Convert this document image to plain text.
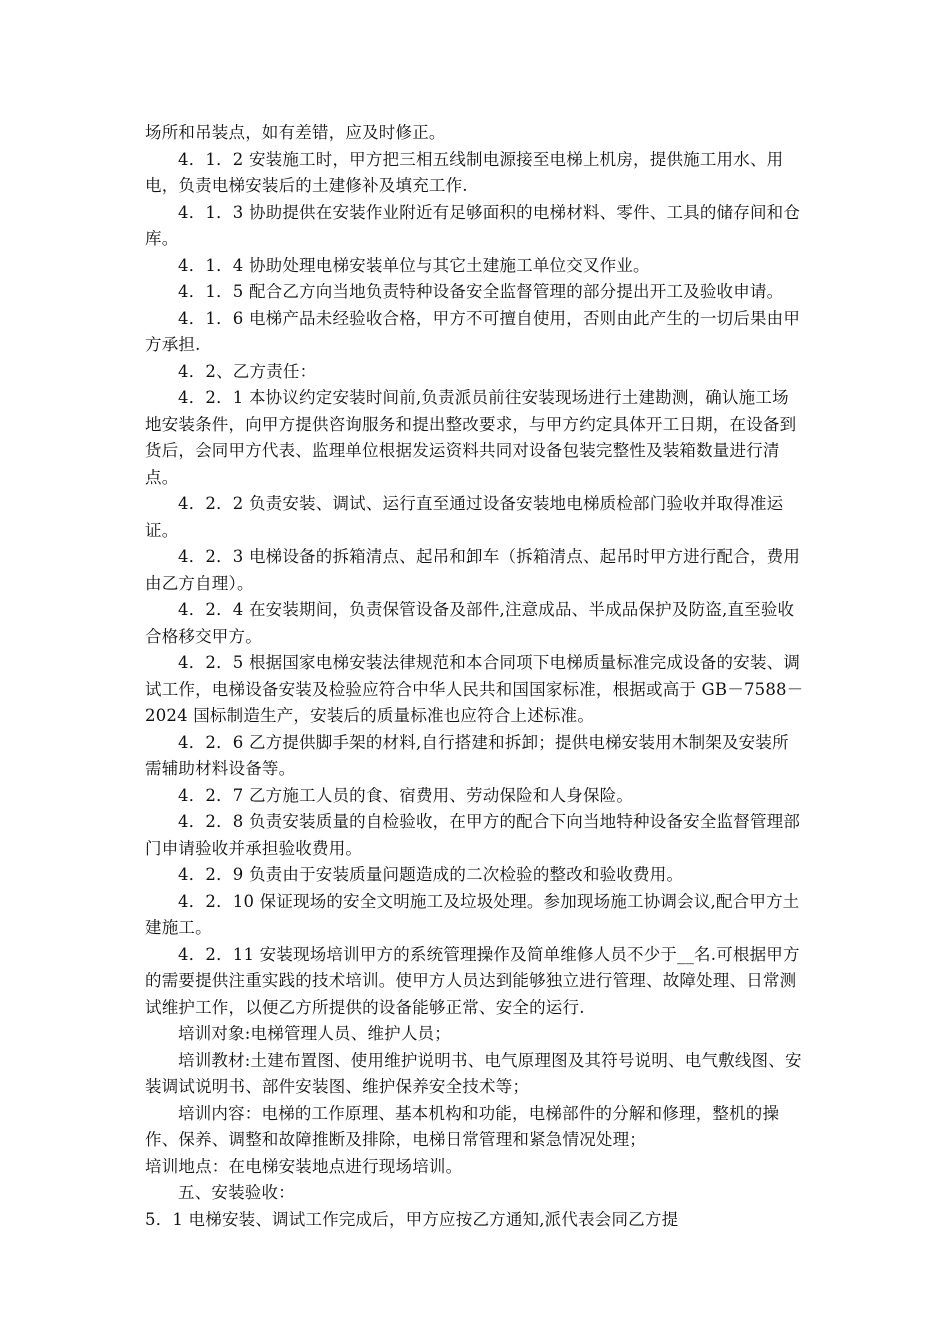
场所和吊装点，如有差错，应及时修正。

4．1．2 安装施工时，甲方把三相五线制电源接至电梯上机房，提供施工用水、用电，负责电梯安装后的土建修补及填充工作.

4．1．3 协助提供在安装作业附近有足够面积的电梯材料、零件、工具的储存间和仓库。

4．1．4 协助处理电梯安装单位与其它土建施工单位交叉作业。

4．1．5 配合乙方向当地负责特种设备安全监督管理的部分提出开工及验收申请。

4．1．6 电梯产品未经验收合格，甲方不可擅自使用，否则由此产生的一切后果由甲方承担.

4．2、乙方责任：

4．2．1 本协议约定安装时间前,负责派员前往安装现场进行土建勘测，确认施工场地安装条件，向甲方提供咨询服务和提出整改要求，与甲方约定具体开工日期，在设备到货后，会同甲方代表、监理单位根据发运资料共同对设备包装完整性及装箱数量进行清点。

4．2．2 负责安装、调试、运行直至通过设备安装地电梯质检部门验收并取得准运证。

4．2．3 电梯设备的拆箱清点、起吊和卸车（拆箱清点、起吊时甲方进行配合，费用由乙方自理）。

4．2．4 在安装期间，负责保管设备及部件,注意成品、半成品保护及防盗,直至验收合格移交甲方。

4．2．5 根据国家电梯安装法律规范和本合同项下电梯质量标准完成设备的安装、调试工作，电梯设备安装及检验应符合中华人民共和国国家标准，根据或高于 GB－7588－2024 国标制造生产，安装后的质量标准也应符合上述标准。

4．2．6 乙方提供脚手架的材料,自行搭建和拆卸；提供电梯安装用木制架及安装所需辅助材料设备等。

4．2．7 乙方施工人员的食、宿费用、劳动保险和人身保险。

4．2．8 负责安装质量的自检验收，在甲方的配合下向当地特种设备安全监督管理部门申请验收并承担验收费用。

4．2．9 负责由于安装质量问题造成的二次检验的整改和验收费用。

4．2．10 保证现场的安全文明施工及垃圾处理。参加现场施工协调会议,配合甲方土建施工。

4．2．11 安装现场培训甲方的系统管理操作及简单维修人员不少于__名.可根据甲方的需要提供注重实践的技术培训。使甲方人员达到能够独立进行管理、故障处理、日常测试维护工作，以便乙方所提供的设备能够正常、安全的运行.

培训对象:电梯管理人员、维护人员；

培训教材:土建布置图、使用维护说明书、电气原理图及其符号说明、电气敷线图、安装调试说明书、部件安装图、维护保养安全技术等；

培训内容：电梯的工作原理、基本机构和功能，电梯部件的分解和修理，整机的操作、保养、调整和故障推断及排除，电梯日常管理和紧急情况处理；

培训地点：在电梯安装地点进行现场培训。

五、安装验收：

5．1 电梯安装、调试工作完成后，甲方应按乙方通知,派代表会同乙方提
